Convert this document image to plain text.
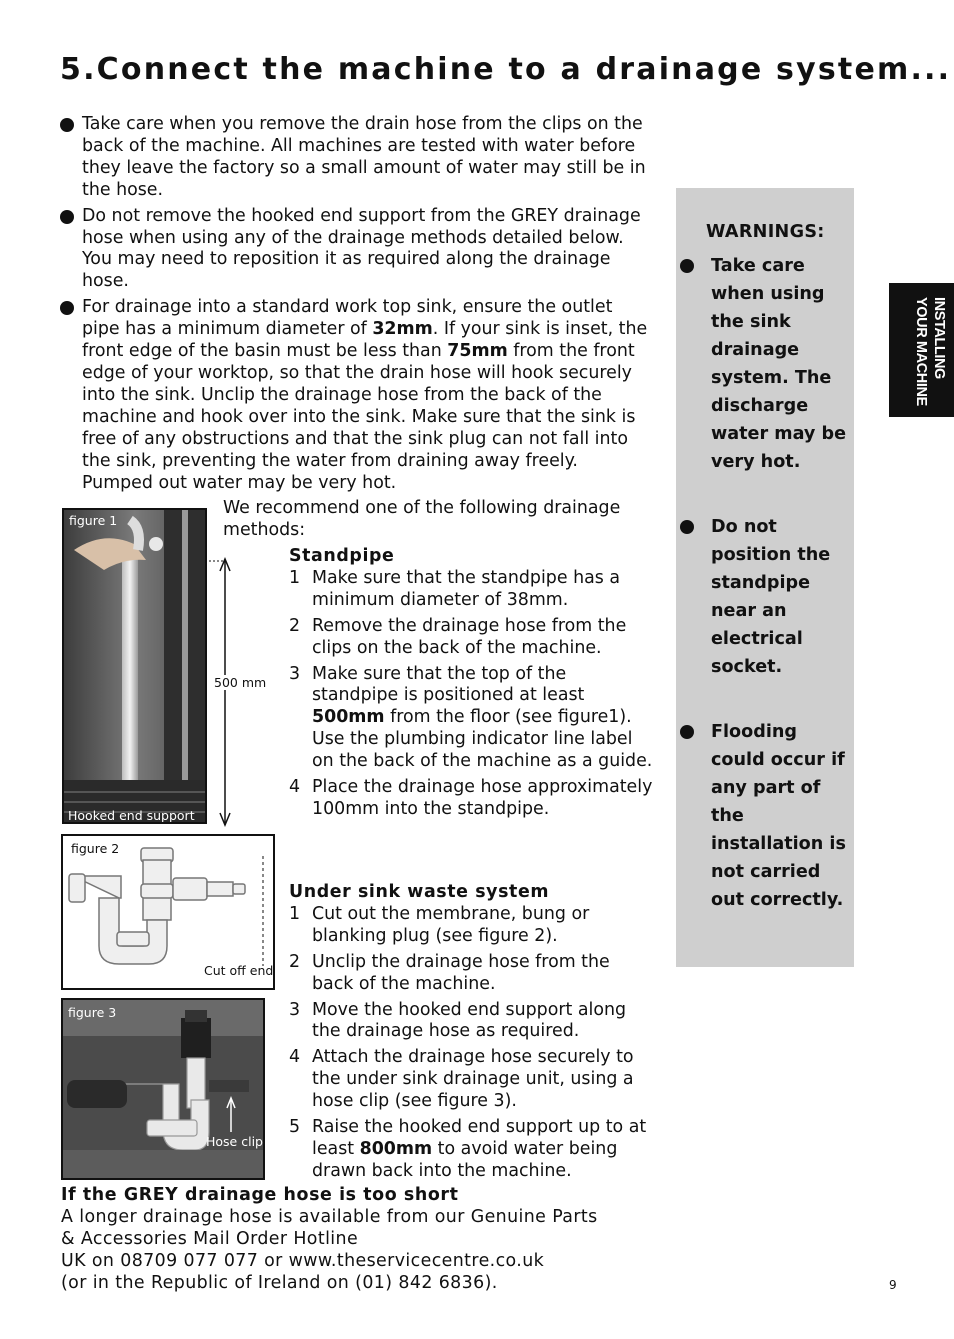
5.Connect the machine to a drainage system...
Take care when you remove the drain hose from the clips on the back of the machine. All machines are tested with water before they leave the factory so a small amount of water may still be in the hose.
Do not remove the hooked end support from the GREY drainage hose when using any of the drainage methods detailed below. You may need to reposition it as required along the drainage hose.
For drainage into a standard work top sink, ensure the outlet pipe has a minimum diameter of 32mm. If your sink is inset, the front edge of the basin must be less than 75mm from the front edge of your worktop, so that the drain hose will hook securely into the sink. Unclip the drainage hose from the back of the machine and hook over into the sink. Make sure that the sink is free of any obstructions and that the sink plug can not fall into the sink, preventing the water from draining away freely. Pumped out water may be very hot.
We recommend one of the following drainage methods:
Standpipe
1 Make sure that the standpipe has a minimum diameter of 38mm.
2 Remove the drainage hose from the clips on the back of the machine.
3 Make sure that the top of the standpipe is positioned at least 500mm from the floor (see figure1). Use the plumbing indicator line label on the back of the machine as a guide.
4 Place the drainage hose approximately 100mm into the standpipe.
Under sink waste system
1 Cut out the membrane, bung or blanking plug (see figure 2).
2 Unclip the drainage hose from the back of the machine.
3 Move the hooked end support along the drainage hose as required.
4 Attach the drainage hose securely to the under sink drainage unit, using a hose clip (see figure 3).
5 Raise the hooked end support up to at least 800mm to avoid water being drawn back into the machine.
figure 1
Hooked end support
500 mm
figure 2
Cut off end
figure 3
Hose clip
If the GREY drainage hose is too short
A longer drainage hose is available from our Genuine Parts
& Accessories Mail Order Hotline
UK on 08709 077 077 or www.theservicecentre.co.uk
(or in the Republic of Ireland on (01) 842 6836).
WARNINGS:
Take care when using the sink drainage system. The discharge water may be very hot.
Do not position the standpipe near an electrical socket.
Flooding could occur if any part of the installation is not carried out correctly.
INSTALLING
YOUR MACHINE
9
